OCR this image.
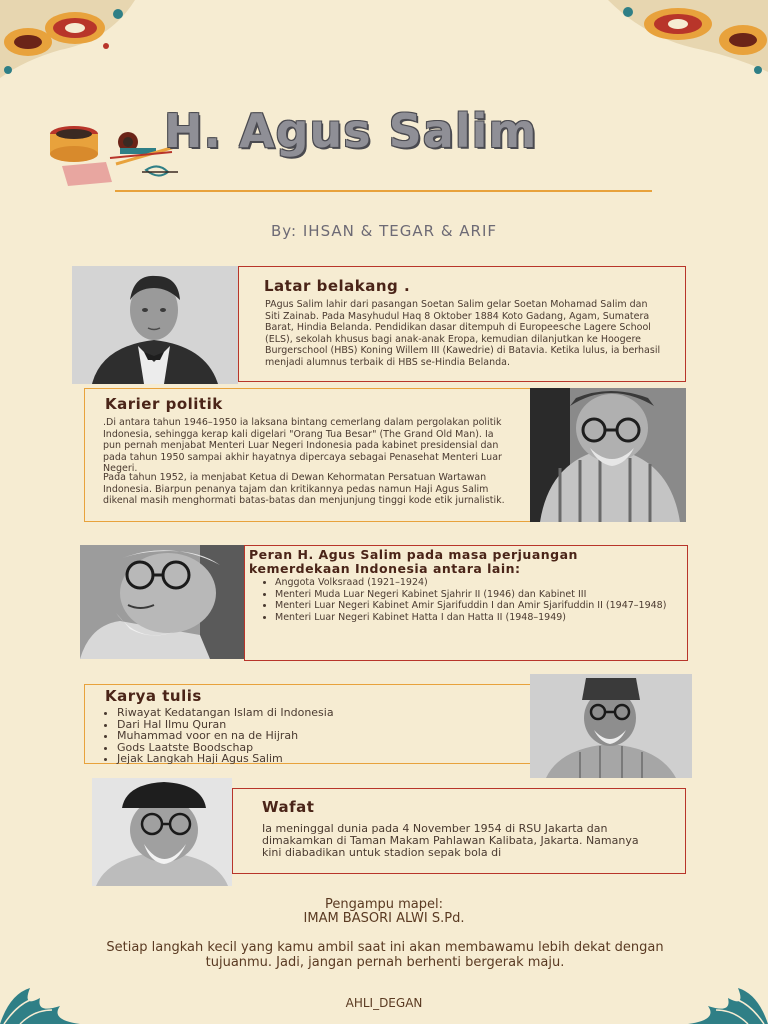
H. Agus Salim
By: IHSAN & TEGAR & ARIF
Latar belakang .

PAgus Salim lahir dari pasangan Soetan Salim gelar Soetan Mohamad Salim dan Siti Zainab. Pada Masyhudul Haq 8 Oktober 1884 Koto Gadang, Agam, Sumatera Barat, Hindia Belanda. Pendidikan dasar ditempuh di Europeesche Lagere School (ELS), sekolah khusus bagi anak-anak Eropa, kemudian dilanjutkan ke Hoogere Burgerschool (HBS) Koning Willem III (Kawedrie) di Batavia. Ketika lulus, ia berhasil menjadi alumnus terbaik di HBS se-Hindia Belanda.

Karier politik

.Di antara tahun 1946–1950 ia laksana bintang cemerlang dalam pergolakan politik Indonesia, sehingga kerap kali digelari "Orang Tua Besar" (The Grand Old Man). Ia pun pernah menjabat Menteri Luar Negeri Indonesia pada kabinet presidensial dan pada tahun 1950 sampai akhir hayatnya dipercaya sebagai Penasehat Menteri Luar Negeri.

Pada tahun 1952, ia menjabat Ketua di Dewan Kehormatan Persatuan Wartawan Indonesia. Biarpun penanya tajam dan kritikannya pedas namun Haji Agus Salim dikenal masih menghormati batas-batas dan menjunjung tinggi kode etik jurnalistik.

Peran H. Agus Salim pada masa perjuangan kemerdekaan Indonesia antara lain:
• Anggota Volksraad (1921–1924)
• Menteri Muda Luar Negeri Kabinet Sjahrir II (1946) dan Kabinet III
• Menteri Luar Negeri Kabinet Amir Sjarifuddin I dan Amir Sjarifuddin II (1947–1948)
• Menteri Luar Negeri Kabinet Hatta I dan Hatta II (1948–1949)
Karya tulis
• Riwayat Kedatangan Islam di Indonesia
• Dari Hal Ilmu Quran
• Muhammad voor en na de Hijrah
• Gods Laatste Boodschap
• Jejak Langkah Haji Agus Salim
Wafat

Ia meninggal dunia pada 4 November 1954 di RSU Jakarta dan dimakamkan di Taman Makam Pahlawan Kalibata, Jakarta. Namanya kini diabadikan untuk stadion sepak bola di

Pengampu mapel:
IMAM BASORI ALWI S.Pd.
Setiap langkah kecil yang kamu ambil saat ini akan membawamu lebih dekat dengan tujuanmu. Jadi, jangan pernah berhenti bergerak maju.
AHLI_DEGAN
